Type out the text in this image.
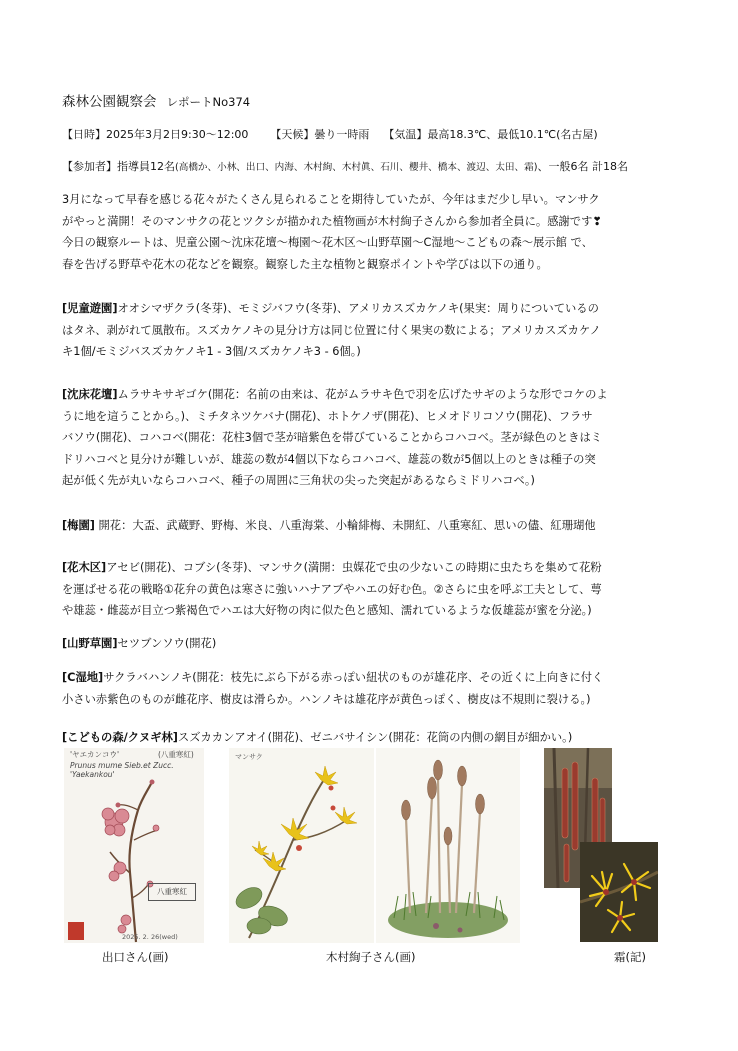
森林公園観察会 レポートNo374
【日時】2025年3月2日9:30～12:00 【天候】曇り一時雨 【気温】最高18.3℃、最低10.1℃(名古屋)
【参加者】指導員12名(高橋か、小林、出口、内海、木村絢、木村眞、石川、櫻井、橋本、渡辺、太田、霜)、一般6名 計18名
3月になって早春を感じる花々がたくさん見られることを期待していたが、今年はまだ少し早い。マンサク
がやっと満開！そのマンサクの花とツクシが描かれた植物画が木村絢子さんから参加者全員に。感謝です❣
今日の観察ルートは、児童公園～沈床花壇～梅園～花木区～山野草園～C湿地～こどもの森～展示館 で、
春を告げる野草や花木の花などを観察。観察した主な植物と観察ポイントや学びは以下の通り。
[児童遊園]オオシマザクラ(冬芽)、モミジバフウ(冬芽)、アメリカスズカケノキ(果実：周りについているの
はタネ、剥がれて風散布。スズカケノキの見分け方は同じ位置に付く果実の数による；アメリカスズカケノ
キ1個/モミジバスズカケノキ1 - 3個/スズカケノキ3 - 6個。)
[沈床花壇]ムラサキサギゴケ(開花：名前の由来は、花がムラサキ色で羽を広げたサギのような形でコケのよ
うに地を這うことから。)、ミチタネツケバナ(開花)、ホトケノザ(開花)、ヒメオドリコソウ(開花)、フラサ
バソウ(開花)、コハコベ(開花：花柱3個で茎が暗紫色を帯びていることからコハコベ。茎が緑色のときはミ
ドリハコベと見分けが難しいが、雄蕊の数が4個以下ならコハコベ、雄蕊の数が5個以上のときは種子の突
起が低く先が丸いならコハコベ、種子の周囲に三角状の尖った突起があるならミドリハコベ。)
[梅園] 開花：大盃、武蔵野、野梅、米良、八重海棠、小輪緋梅、未開紅、八重寒紅、思いの儘、紅珊瑚他
[花木区]アセビ(開花)、コブシ(冬芽)、マンサク(満開：虫媒花で虫の少ないこの時期に虫たちを集めて花粉
を運ばせる花の戦略①花弁の黄色は寒さに強いハナアブやハエの好む色。②さらに虫を呼ぶ工夫として、萼
や雄蕊・雌蕊が目立つ紫褐色でハエは大好物の肉に似た色と感知、濡れているような仮雄蕊が蜜を分泌。)
[山野草園]セツブンソウ(開花)
[C湿地]サクラバハンノキ(開花：枝先にぶら下がる赤っぽい紐状のものが雄花序、その近くに上向きに付く
小さい赤紫色のものが雌花序、樹皮は滑らか。ハンノキは雄花序が黄色っぽく、樹皮は不規則に裂ける。)
[こどもの森/クヌギ林]スズカカンアオイ(開花)、ゼニバサイシン(開花：花筒の内側の網目が細かい。)
'ヤエカンコウ'	(八重寒紅)
Prunus mume Sieb.et Zucc.
'Yaekankou'
八重寒紅
2025. 2. 26(wed)
マンサク
出口さん(画)	木村絢子さん(画)	霜(記)
